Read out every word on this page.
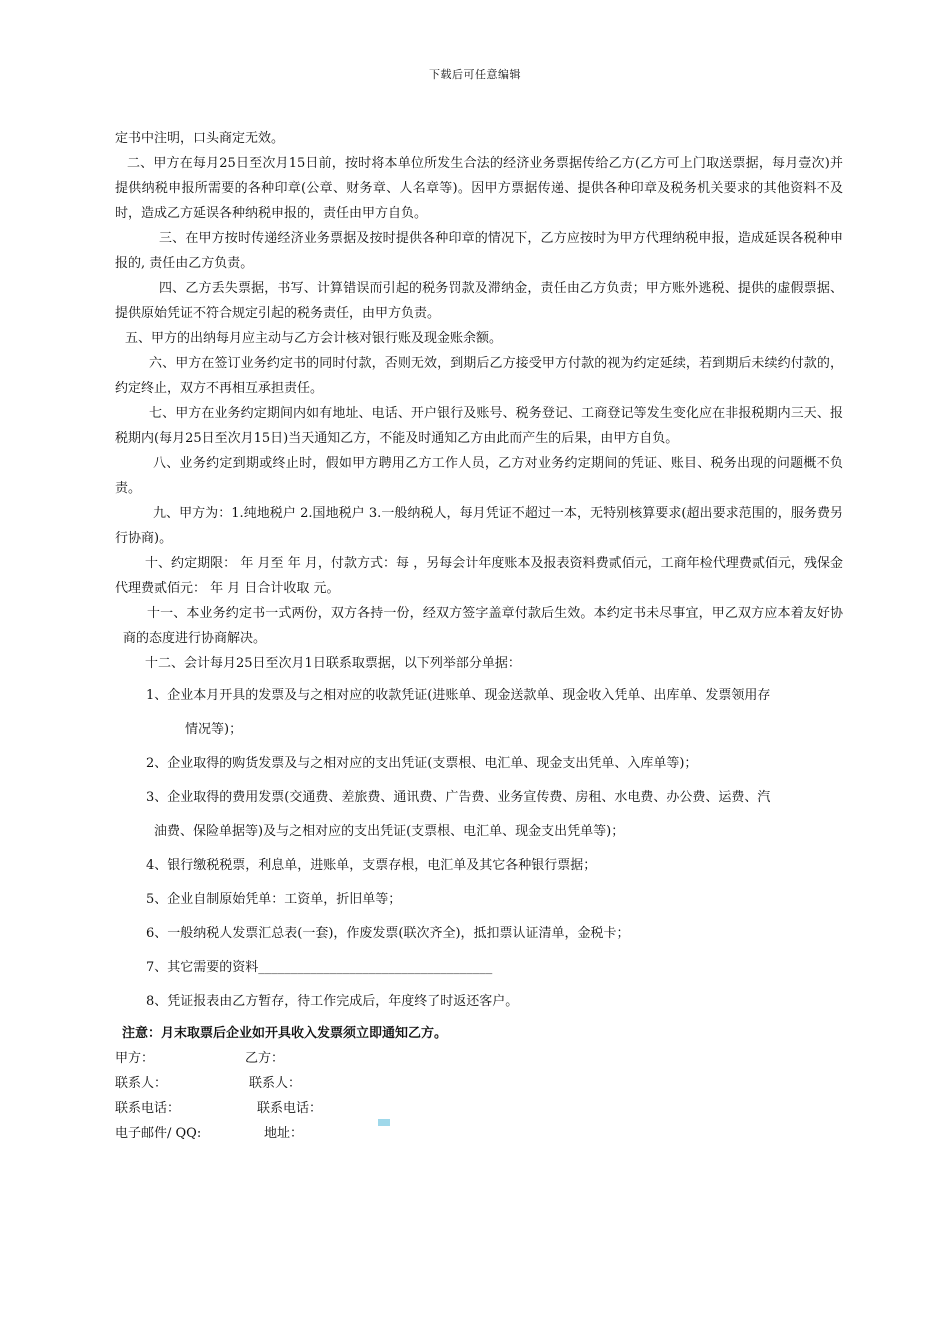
下载后可任意编辑

定书中注明，口头商定无效。

二、甲方在每月25日至次月15日前，按时将本单位所发生合法的经济业务票据传给乙方(乙方可上门取送票据，每月壹次)并提供纳税申报所需要的各种印章(公章、财务章、人名章等)。因甲方票据传递、提供各种印章及税务机关要求的其他资料不及时，造成乙方延误各种纳税申报的，责任由甲方自负。

三、在甲方按时传递经济业务票据及按时提供各种印章的情况下，乙方应按时为甲方代理纳税申报，造成延误各税种申报的, 责任由乙方负责。

四、乙方丢失票据，书写、计算错误而引起的税务罚款及滞纳金，责任由乙方负责；甲方账外逃税、提供的虚假票据、提供原始凭证不符合规定引起的税务责任，由甲方负责。

五、甲方的出纳每月应主动与乙方会计核对银行账及现金账余额。

六、甲方在签订业务约定书的同时付款，否则无效，到期后乙方接受甲方付款的视为约定延续，若到期后未续约付款的，约定终止，双方不再相互承担责任。

七、甲方在业务约定期间内如有地址、电话、开户银行及账号、税务登记、工商登记等发生变化应在非报税期内三天、报税期内(每月25日至次月15日)当天通知乙方，不能及时通知乙方由此而产生的后果，由甲方自负。

八、业务约定到期或终止时，假如甲方聘用乙方工作人员，乙方对业务约定期间的凭证、账目、税务出现的问题概不负责。

九、甲方为：1.纯地税户 2.国地税户 3.一般纳税人，每月凭证不超过一本，无特别核算要求(超出要求范围的，服务费另行协商)。

十、约定期限： 年 月至 年 月，付款方式：每 ，另每会计年度账本及报表资料费贰佰元，工商年检代理费贰佰元，残保金代理费贰佰元： 年 月 日合计收取 元。

十一、本业务约定书一式两份，双方各持一份，经双方签字盖章付款后生效。本约定书未尽事宜，甲乙双方应本着友好协商的态度进行协商解决。

十二、会计每月25日至次月1日联系取票据，以下列举部分单据：

1、企业本月开具的发票及与之相对应的收款凭证(进账单、现金送款单、现金收入凭单、出库单、发票领用存
情况等)；
2、企业取得的购货发票及与之相对应的支出凭证(支票根、电汇单、现金支出凭单、入库单等)；
3、企业取得的费用发票(交通费、差旅费、通讯费、广告费、业务宣传费、房租、水电费、办公费、运费、汽
油费、保险单据等)及与之相对应的支出凭证(支票根、电汇单、现金支出凭单等)；
4、银行缴税税票，利息单，进账单，支票存根，电汇单及其它各种银行票据；
5、企业自制原始凭单：工资单，折旧单等；
6、一般纳税人发票汇总表(一套)，作废发票(联次齐全)，抵扣票认证清单，金税卡；
7、其它需要的资料____________________________________
8、凭证报表由乙方暂存，待工作完成后，年度终了时返还客户。
注意：月末取票后企业如开具收入发票须立即通知乙方。
甲方：	乙方：
联系人：	联系人：
联系电话：	联系电话：
电子邮件/ QQ:	地址：
